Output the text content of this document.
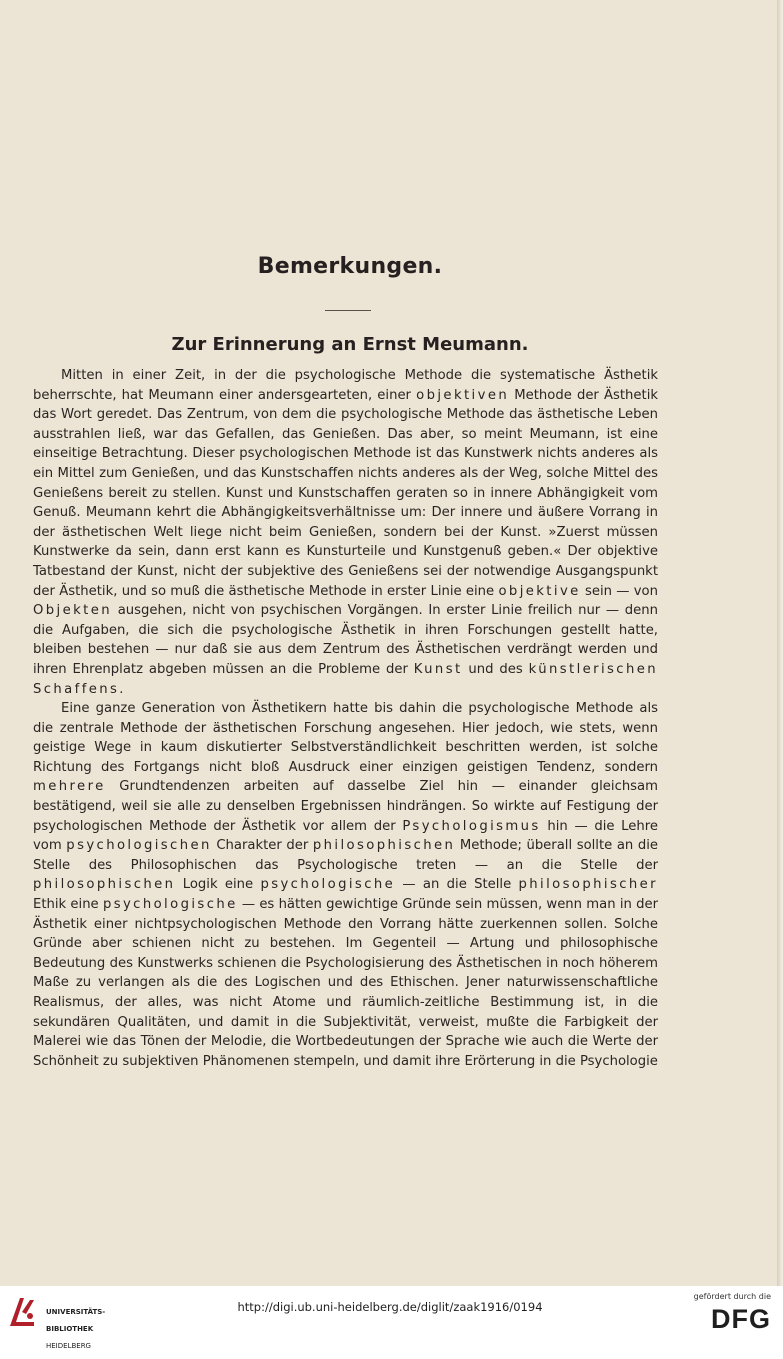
Bemerkungen.
Zur Erinnerung an Ernst Meumann.

Mitten in einer Zeit, in der die psychologische Methode die systematische Ästhetik beherrschte, hat Meumann einer andersgearteten, einer objektiven Methode der Ästhetik das Wort geredet. Das Zentrum, von dem die psychologische Methode das ästhetische Leben ausstrahlen ließ, war das Gefallen, das Genießen. Das aber, so meint Meumann, ist eine einseitige Betrachtung. Dieser psychologischen Methode ist das Kunstwerk nichts anderes als ein Mittel zum Genießen, und das Kunstschaffen nichts anderes als der Weg, solche Mittel des Genießens bereit zu stellen. Kunst und Kunstschaffen geraten so in innere Abhängigkeit vom Genuß. Meumann kehrt die Abhängigkeitsverhältnisse um: Der innere und äußere Vorrang in der ästhetischen Welt liege nicht beim Genießen, sondern bei der Kunst. »Zuerst müssen Kunstwerke da sein, dann erst kann es Kunsturteile und Kunstgenuß geben.« Der objektive Tatbestand der Kunst, nicht der subjektive des Genießens sei der notwendige Ausgangspunkt der Ästhetik, und so muß die ästhetische Methode in erster Linie eine objektive sein — von Objekten ausgehen, nicht von psychischen Vorgängen. In erster Linie freilich nur — denn die Aufgaben, die sich die psychologische Ästhetik in ihren Forschungen gestellt hatte, bleiben bestehen — nur daß sie aus dem Zentrum des Ästhetischen verdrängt werden und ihren Ehrenplatz abgeben müssen an die Probleme der Kunst und des künstlerischen Schaffens.

Eine ganze Generation von Ästhetikern hatte bis dahin die psychologische Methode als die zentrale Methode der ästhetischen Forschung angesehen. Hier jedoch, wie stets, wenn geistige Wege in kaum diskutierter Selbstverständlichkeit beschritten werden, ist solche Richtung des Fortgangs nicht bloß Ausdruck einer einzigen geistigen Tendenz, sondern mehrere Grundtendenzen arbeiten auf dasselbe Ziel hin — einander gleichsam bestätigend, weil sie alle zu denselben Ergebnissen hindrängen. So wirkte auf Festigung der psychologischen Methode der Ästhetik vor allem der Psychologismus hin — die Lehre vom psychologischen Charakter der philosophischen Methode; überall sollte an die Stelle des Philosophischen das Psychologische treten — an die Stelle der philosophischen Logik eine psychologische — an die Stelle philosophischer Ethik eine psychologische — es hätten gewichtige Gründe sein müssen, wenn man in der Ästhetik einer nichtpsychologischen Methode den Vorrang hätte zuerkennen sollen. Solche Gründe aber schienen nicht zu bestehen. Im Gegenteil — Artung und philosophische Bedeutung des Kunstwerks schienen die Psychologisierung des Ästhetischen in noch höherem Maße zu verlangen als die des Logischen und des Ethischen. Jener naturwissenschaftliche Realismus, der alles, was nicht Atome und räumlich-zeitliche Bestimmung ist, in die sekundären Qualitäten, und damit in die Subjektivität, verweist, mußte die Farbigkeit der Malerei wie das Tönen der Melodie, die Wortbedeutungen der Sprache wie auch die Werte der Schönheit zu subjektiven Phänomenen stempeln, und damit ihre Erörterung in die Psychologie

UNIVERSITÄTS-

BIBLIOTHEK

HEIDELBERG

http://digi.ub.uni-heidelberg.de/diglit/zaak1916/0194
gefördert durch die
DFG
